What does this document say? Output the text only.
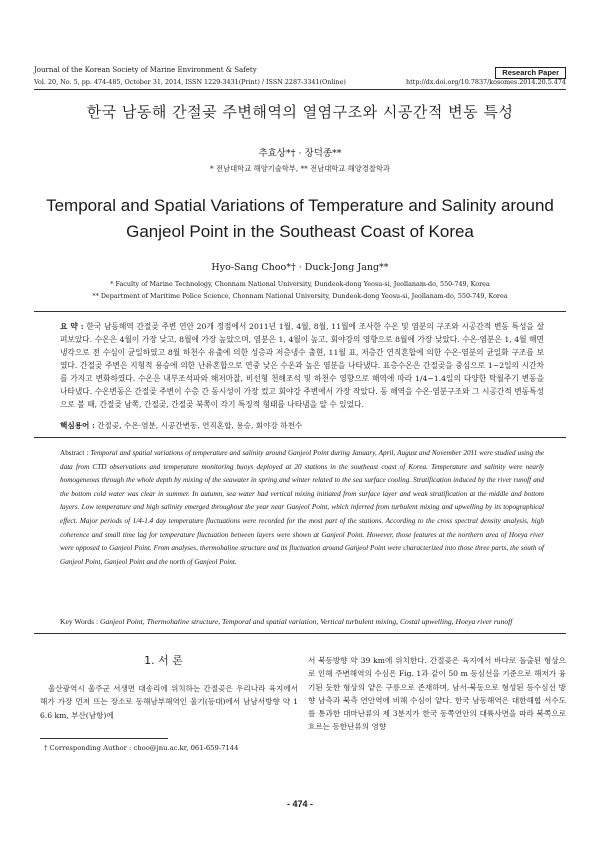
Journal of the Korean Society of Marine Environment & Safety	Research Paper
Vol. 20, No. 5, pp. 474-485, October 31, 2014, ISSN 1229-3431(Print) / ISSN 2287-3341(Online)	http://dx.doi.org/10.7837/kosomes.2014.20.5.474
한국 남동해 간절곶 주변해역의 열염구조와 시공간적 변동 특성
추효상*† · 장덕종**
* 전남대학교 해양기술학부, ** 전남대학교 해양경찰학과
Temporal and Spatial Variations of Temperature and Salinity around Ganjeol Point in the Southeast Coast of Korea
Hyo-Sang Choo*† · Duck-Jong Jang**
* Faculty of Marine Technology, Chonnam National University, Dundeok-dong Yeosu-si, Jeollanam-do, 550-749, Korea
** Department of Maritime Police Science, Chonnam National University, Dundeok-dong Yeosu-si, Jeollanam-do, 550-749, Korea
요 약 : 한국 남동해역 간절곶 주변 연안 20개 정점에서 2011년 1월, 4월, 8월, 11월에 조사한 수온 및 염분의 구조와 시공간적 변동 특성을 살펴보았다. 수온은 4월이 가장 낮고, 8월에 가장 높았으며, 염분은 1, 4월이 높고, 회야강의 영향으로 8월에 가장 낮았다. 수온·염분은 1, 4월 해면냉각으로 전 수심이 균일하였고 8월 하천수 유출에 의한 성층과 저층냉수 출현, 11월 표, 저층간 연직혼합에 의한 수온·염분의 균일화 구조를 보였다. 간절곶 주변은 지형적 용승에 의한 난류혼합으로 연중 낮은 수온과 높은 염분을 나타냈다. 표층수온은 간절곶을 중심으로 1~2일의 시간차를 가지고 변화하였다. 수온은 내부조석파와 해저마찰, 비선형 천해조석 및 하천수 영향으로 해역에 따라 1/4~1.4일의 다양한 탁월주기 변동을 나타냈다. 수온변동은 간절곶 주변이 수층 간 동시성이 가장 컸고 회야강 주변에서 가장 작았다. 동 해역을 수온·염분구조와 그 시공간적 변동특성으로 볼 때, 간절곶 남쪽, 간절곶, 간절곶 북쪽이 각기 특징적 형태를 나타냄을 알 수 있었다.
핵심용어 : 간절곶, 수온·염분, 시공간변동, 연직혼합, 용승, 회야강 하천수
Abstract : Temporal and spatial variations of temperature and salinity around Ganjeol Point during January, April, August and November 2011 were studied using the data from CTD observations and temperature monitoring buoys deployed at 20 stations in the southeast coast of Korea. Temperature and salinity were nearly homogeneous through the whole depth by mixing of the seawater in spring and winter related to the sea surface cooling. Stratification induced by the river runoff and the bottom cold water was clear in summer. In autumn, sea water had vertical mixing initiated from surface layer and weak stratification at the middle and bottom layers. Low temperature and high salinity emerged throughout the year near Ganjeol Point, which inferred from turbulent mixing and upwelling by its topographical effect. Major periods of 1/4-1.4 day temperature fluctuations were recorded for the most part of the stations. According to the cross spectral density analysis, high coherence and small time lag for temperature fluctuation between layers were shown at Ganjeol Point. However, those features at the northern area of Hoeya river were opposed to Ganjeol Point. From analyses, thermohaline structure and its fluctuation around Ganjeol Point were characterized into those three parts, the south of Ganjeol Point, Ganjeol Point and the north of Ganjeol Point.
Key Words : Ganjeol Point, Thermohaline structure, Temporal and spatial variation, Vertical turbulent mixing, Costal upwelling, Hoeya river runoff
1. 서 론
울산광역시 울주군 서생면 대송리에 위치하는 간절곶은 우리나라 육지에서 해가 가장 먼저 뜨는 장소로 동해남부해역인 울기(등대)에서 남남서방향 약 16.6 km, 부산(남항)에
서 북동방향 약 39 km에 위치한다. 간절곶은 육지에서 바다로 돌출된 형상으로 인해 주변해역의 수심은 Fig. 1과 같이 50 m 등심선을 기준으로 해저가 융기된 듯한 형상의 얕은 구릉으로 존재하며, 남서-북동으로 형성된 등수심선 방향 남측과 북측 연안역에 비해 수심이 얕다. 한국 남동해역은 대한해협 서수도를 통과한 대마난류의 제 3분지가 한국 동쪽연안의 대륙사면을 따라 북쪽으로 흐르는 동한난류의 영향
† Corresponding Author : choo@jnu.ac.kr, 061-659-7144
- 474 -
